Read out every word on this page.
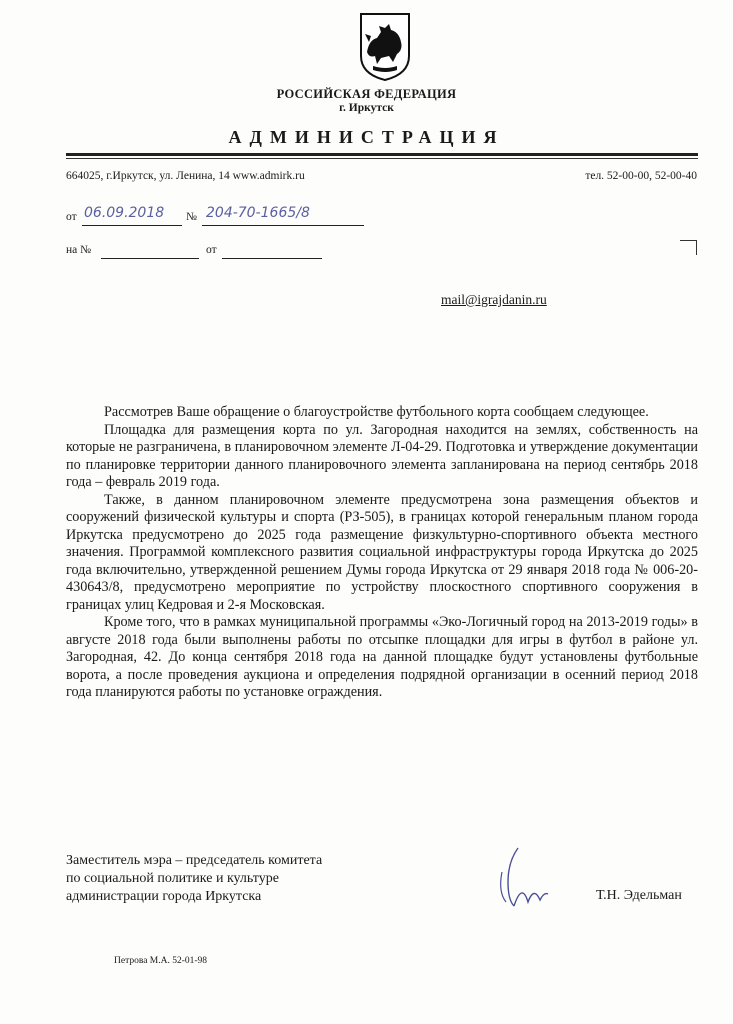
РОССИЙСКАЯ ФЕДЕРАЦИЯ
г. Иркутск
АДМИНИСТРАЦИЯ
664025, г.Иркутск, ул. Ленина, 14 www.admirk.ru	тел. 52-00-00, 52-00-40
от 06.09.2018 № 204-70-1665/8
на №	от
mail@igrajdanin.ru

Рассмотрев Ваше обращение о благоустройстве футбольного корта сообщаем следующее.

Площадка для размещения корта по ул. Загородная находится на землях, собственность на которые не разграничена, в планировочном элементе Л-04-29. Подготовка и утверждение документации по планировке территории данного планировочного элемента запланирована на период сентябрь 2018 года – февраль 2019 года.

Также, в данном планировочном элементе предусмотрена зона размещения объектов и сооружений физической культуры и спорта (РЗ-505), в границах которой генеральным планом города Иркутска предусмотрено до 2025 года размещение физкультурно-спортивного объекта местного значения. Программой комплексного развития социальной инфраструктуры города Иркутска до 2025 года включительно, утвержденной решением Думы города Иркутска от 29 января 2018 года № 006-20-430643/8, предусмотрено мероприятие по устройству плоскостного спортивного сооружения в границах улиц Кедровая и 2-я Московская.

Кроме того, что в рамках муниципальной программы «Эко-Логичный город на 2013-2019 годы» в августе 2018 года были выполнены работы по отсыпке площадки для игры в футбол в районе ул. Загородная, 42. До конца сентября 2018 года на данной площадке будут установлены футбольные ворота, а после проведения аукциона и определения подрядной организации в осенний период 2018 года планируются работы по установке ограждения.

Заместитель мэра – председатель комитета
по социальной политике и культуре
администрации города Иркутска	Т.Н. Эдельман
Петрова М.А. 52-01-98
